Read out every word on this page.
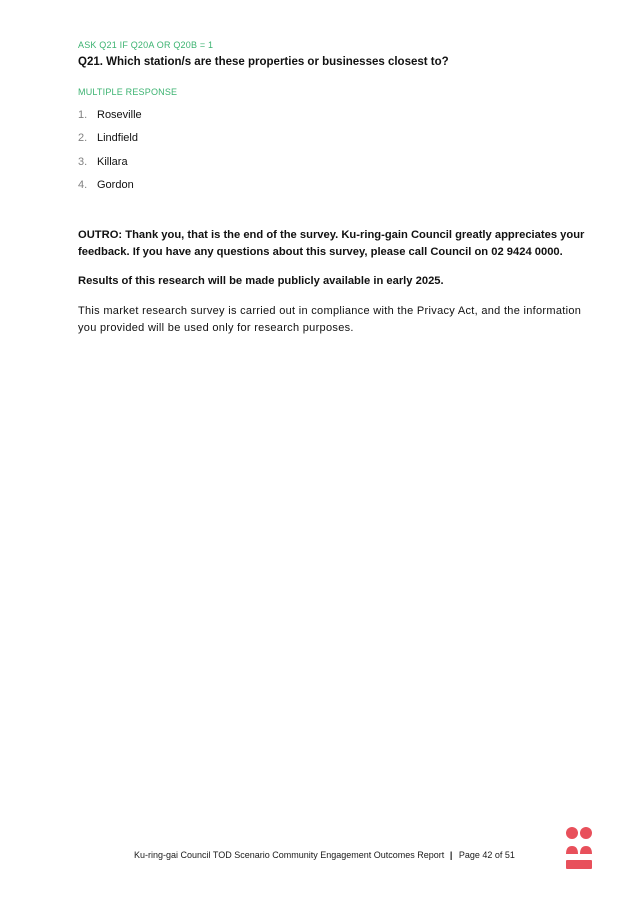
ASK Q21 IF Q20A OR Q20B = 1
Q21. Which station/s are these properties or businesses closest to?
MULTIPLE RESPONSE
1. Roseville
2. Lindfield
3. Killara
4. Gordon

OUTRO: Thank you, that is the end of the survey. Ku-ring-gain Council greatly appreciates your feedback. If you have any questions about this survey, please call Council on 02 9424 0000.

Results of this research will be made publicly available in early 2025.

This market research survey is carried out in compliance with the Privacy Act, and the information you provided will be used only for research purposes.

Ku-ring-gai Council TOD Scenario Community Engagement Outcomes Report | Page 42 of 51
